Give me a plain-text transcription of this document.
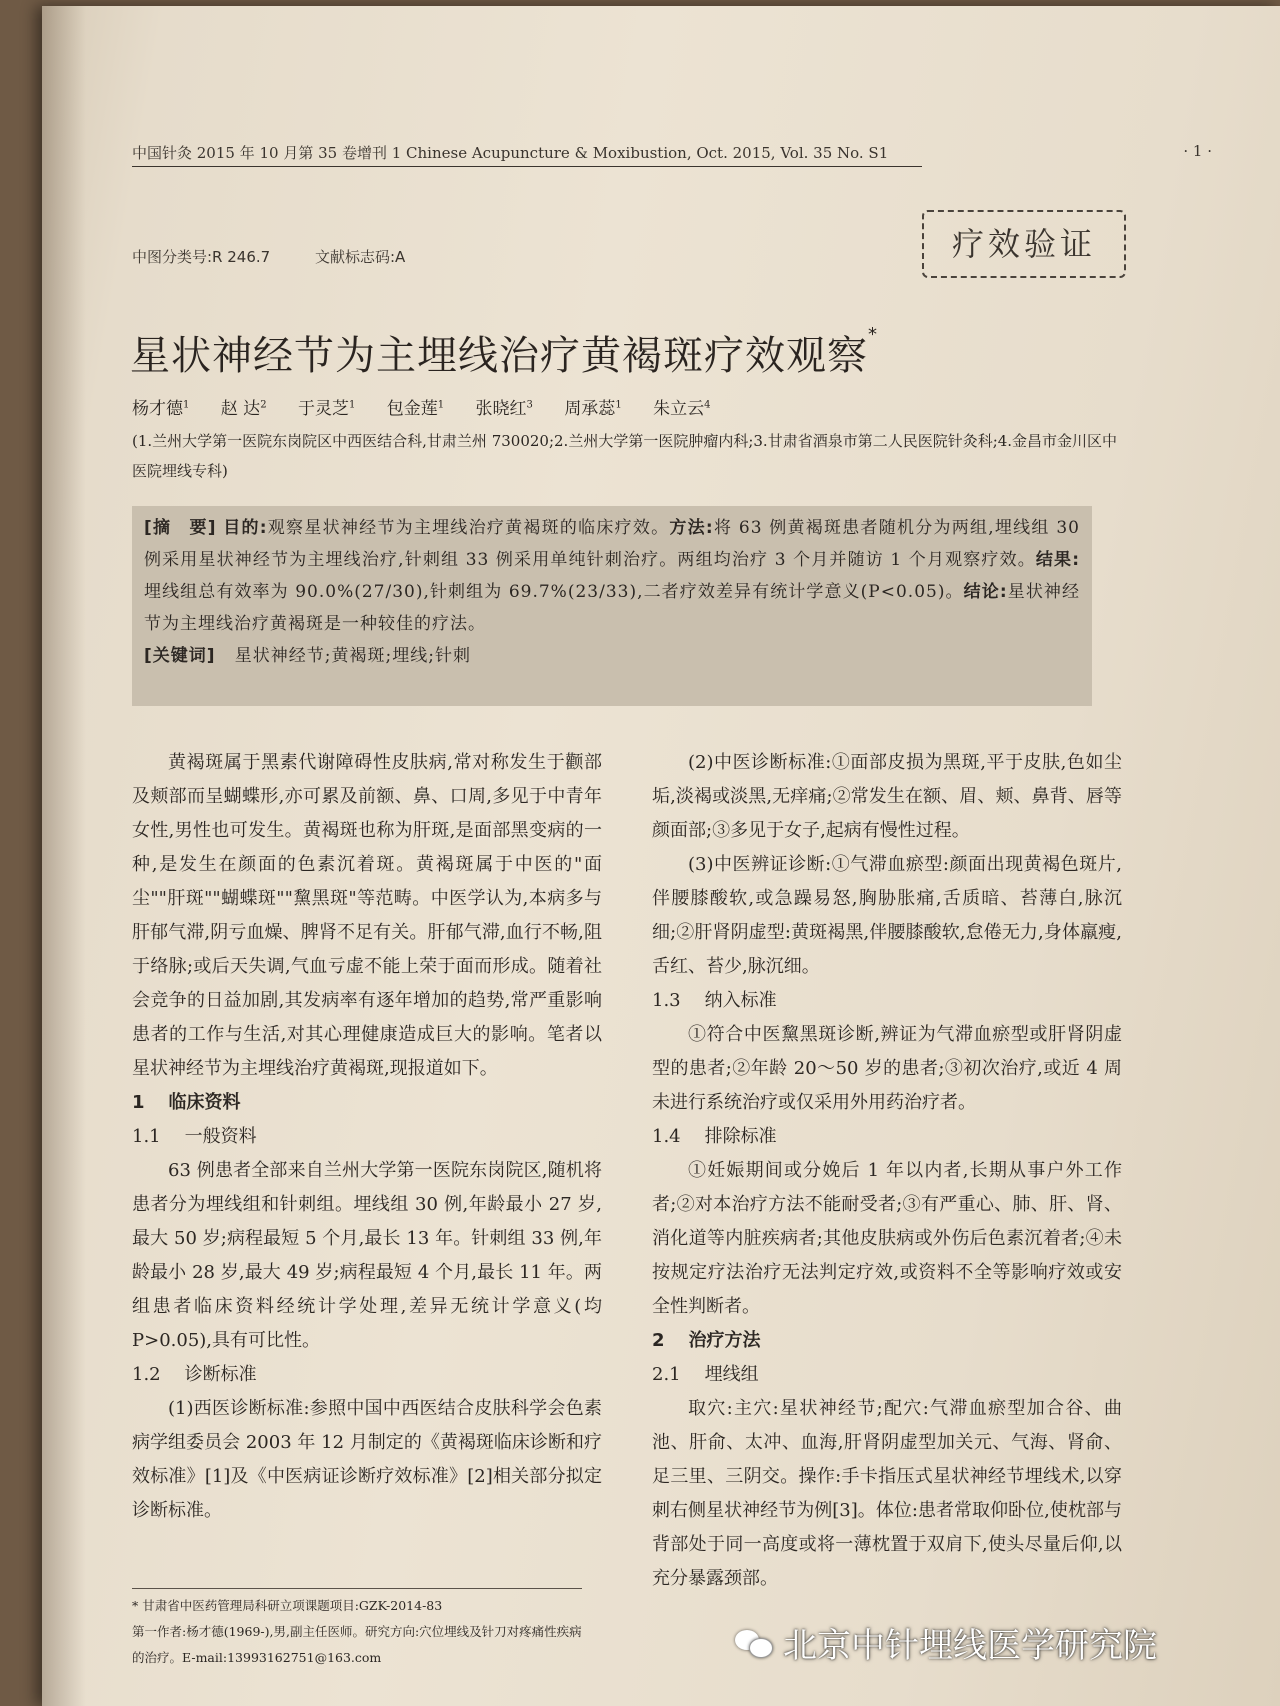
中国针灸 2015 年 10 月第 35 卷增刊 1 Chinese Acupuncture & Moxibustion, Oct. 2015, Vol. 35 No. S1	· 1 ·
中图分类号:R 246.7	文献标志码:A	疗效验证
星状神经节为主埋线治疗黄褐斑疗效观察*
杨才德$^1$ 赵 达$^2$ 于灵芝$^1$ 包金莲$^1$ 张晓红$^3$ 周承蕊$^1$ 朱立云$^4$
(1.兰州大学第一医院东岗院区中西医结合科,甘肃兰州 730020;2.兰州大学第一医院肿瘤内科;3.甘肃省酒泉市第二人民医院针灸科;4.金昌市金川区中医院埋线专科)
[摘　要] 目的:观察星状神经节为主埋线治疗黄褐斑的临床疗效。方法:将 63 例黄褐斑患者随机分为两组,埋线组 30 例采用星状神经节为主埋线治疗,针刺组 33 例采用单纯针刺治疗。两组均治疗 3 个月并随访 1 个月观察疗效。结果:埋线组总有效率为 90.0%(27/30),针刺组为 69.7%(23/33),二者疗效差异有统计学意义(P<0.05)。结论:星状神经节为主埋线治疗黄褐斑是一种较佳的疗法。
[关键词] 星状神经节;黄褐斑;埋线;针刺

黄褐斑属于黑素代谢障碍性皮肤病,常对称发生于颧部及颊部而呈蝴蝶形,亦可累及前额、鼻、口周,多见于中青年女性,男性也可发生。黄褐斑也称为肝斑,是面部黑变病的一种,是发生在颜面的色素沉着斑。黄褐斑属于中医的"面尘""肝斑""蝴蝶斑""黧黑斑"等范畴。中医学认为,本病多与肝郁气滞,阴亏血燥、脾肾不足有关。肝郁气滞,血行不畅,阻于络脉;或后天失调,气血亏虚不能上荣于面而形成。随着社会竞争的日益加剧,其发病率有逐年增加的趋势,常严重影响患者的工作与生活,对其心理健康造成巨大的影响。笔者以星状神经节为主埋线治疗黄褐斑,现报道如下。

1 临床资料
1.1 一般资料

63 例患者全部来自兰州大学第一医院东岗院区,随机将患者分为埋线组和针刺组。埋线组 30 例,年龄最小 27 岁,最大 50 岁;病程最短 5 个月,最长 13 年。针刺组 33 例,年龄最小 28 岁,最大 49 岁;病程最短 4 个月,最长 11 年。两组患者临床资料经统计学处理,差异无统计学意义(均 P>0.05),具有可比性。

1.2 诊断标准

(1)西医诊断标准:参照中国中西医结合皮肤科学会色素病学组委员会 2003 年 12 月制定的《黄褐斑临床诊断和疗效标准》[1]及《中医病证诊断疗效标准》[2]相关部分拟定诊断标准。

(2)中医诊断标准:①面部皮损为黑斑,平于皮肤,色如尘垢,淡褐或淡黑,无痒痛;②常发生在额、眉、颊、鼻背、唇等颜面部;③多见于女子,起病有慢性过程。

(3)中医辨证诊断:①气滞血瘀型:颜面出现黄褐色斑片,伴腰膝酸软,或急躁易怒,胸胁胀痛,舌质暗、苔薄白,脉沉细;②肝肾阴虚型:黄斑褐黑,伴腰膝酸软,怠倦无力,身体羸瘦,舌红、苔少,脉沉细。

1.3 纳入标准

①符合中医黧黑斑诊断,辨证为气滞血瘀型或肝肾阴虚型的患者;②年龄 20～50 岁的患者;③初次治疗,或近 4 周未进行系统治疗或仅采用外用药治疗者。

1.4 排除标准

①妊娠期间或分娩后 1 年以内者,长期从事户外工作者;②对本治疗方法不能耐受者;③有严重心、肺、肝、肾、消化道等内脏疾病者;其他皮肤病或外伤后色素沉着者;④未按规定疗法治疗无法判定疗效,或资料不全等影响疗效或安全性判断者。

2 治疗方法
2.1 埋线组

取穴:主穴:星状神经节;配穴:气滞血瘀型加合谷、曲池、肝俞、太冲、血海,肝肾阴虚型加关元、气海、肾俞、足三里、三阴交。操作:手卡指压式星状神经节埋线术,以穿刺右侧星状神经节为例[3]。体位:患者常取仰卧位,使枕部与背部处于同一高度或将一薄枕置于双肩下,使头尽量后仰,以充分暴露颈部。

* 甘肃省中医药管理局科研立项课题项目:GZK-2014-83
第一作者:杨才德(1969-),男,副主任医师。研究方向:穴位埋线及针刀对疼痛性疾病的治疗。E-mail:13993162751@163.com	北京中针埋线医学研究院
